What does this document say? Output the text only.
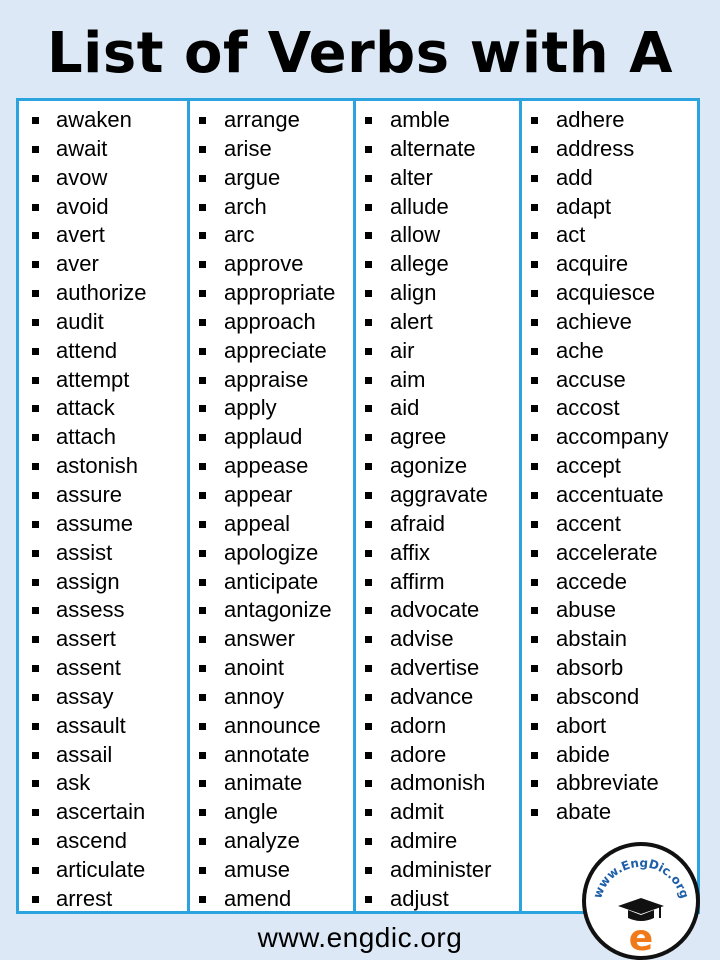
List of Verbs with A
awaken
await
avow
avoid
avert
aver
authorize
audit
attend
attempt
attack
attach
astonish
assure
assume
assist
assign
assess
assert
assent
assay
assault
assail
ask
ascertain
ascend
articulate
arrest
arrange
arise
argue
arch
arc
approve
appropriate
approach
appreciate
appraise
apply
applaud
appease
appear
appeal
apologize
anticipate
antagonize
answer
anoint
annoy
announce
annotate
animate
angle
analyze
amuse
amend
amble
alternate
alter
allude
allow
allege
align
alert
air
aim
aid
agree
agonize
aggravate
afraid
affix
affirm
advocate
advise
advertise
advance
adorn
adore
admonish
admit
admire
administer
adjust
adhere
address
add
adapt
act
acquire
acquiesce
achieve
ache
accuse
accost
accompany
accept
accentuate
accent
accelerate
accede
abuse
abstain
absorb
abscond
abort
abide
abbreviate
abate
www.engdic.org
www.EngDic.org
e
